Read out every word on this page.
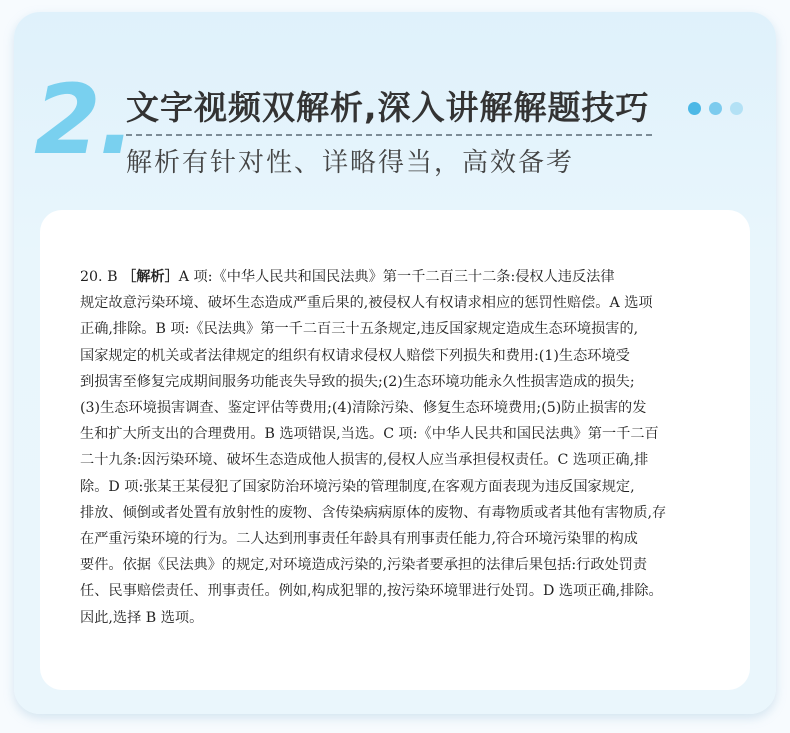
2.
文字视频双解析,深入讲解解题技巧
解析有针对性、详略得当，高效备考
20. B ［解析］A 项:《中华人民共和国民法典》第一千二百三十二条:侵权人违反法律
规定故意污染环境、破坏生态造成严重后果的,被侵权人有权请求相应的惩罚性赔偿。A 选项
正确,排除。B 项:《民法典》第一千二百三十五条规定,违反国家规定造成生态环境损害的,
国家规定的机关或者法律规定的组织有权请求侵权人赔偿下列损失和费用:(1)生态环境受
到损害至修复完成期间服务功能丧失导致的损失;(2)生态环境功能永久性损害造成的损失;
(3)生态环境损害调查、鉴定评估等费用;(4)清除污染、修复生态环境费用;(5)防止损害的发
生和扩大所支出的合理费用。B 选项错误,当选。C 项:《中华人民共和国民法典》第一千二百
二十九条:因污染环境、破坏生态造成他人损害的,侵权人应当承担侵权责任。C 选项正确,排
除。D 项:张某王某侵犯了国家防治环境污染的管理制度,在客观方面表现为违反国家规定,
排放、倾倒或者处置有放射性的废物、含传染病病原体的废物、有毒物质或者其他有害物质,存
在严重污染环境的行为。二人达到刑事责任年龄具有刑事责任能力,符合环境污染罪的构成
要件。依据《民法典》的规定,对环境造成污染的,污染者要承担的法律后果包括:行政处罚责
任、民事赔偿责任、刑事责任。例如,构成犯罪的,按污染环境罪进行处罚。D 选项正确,排除。
因此,选择 B 选项。
